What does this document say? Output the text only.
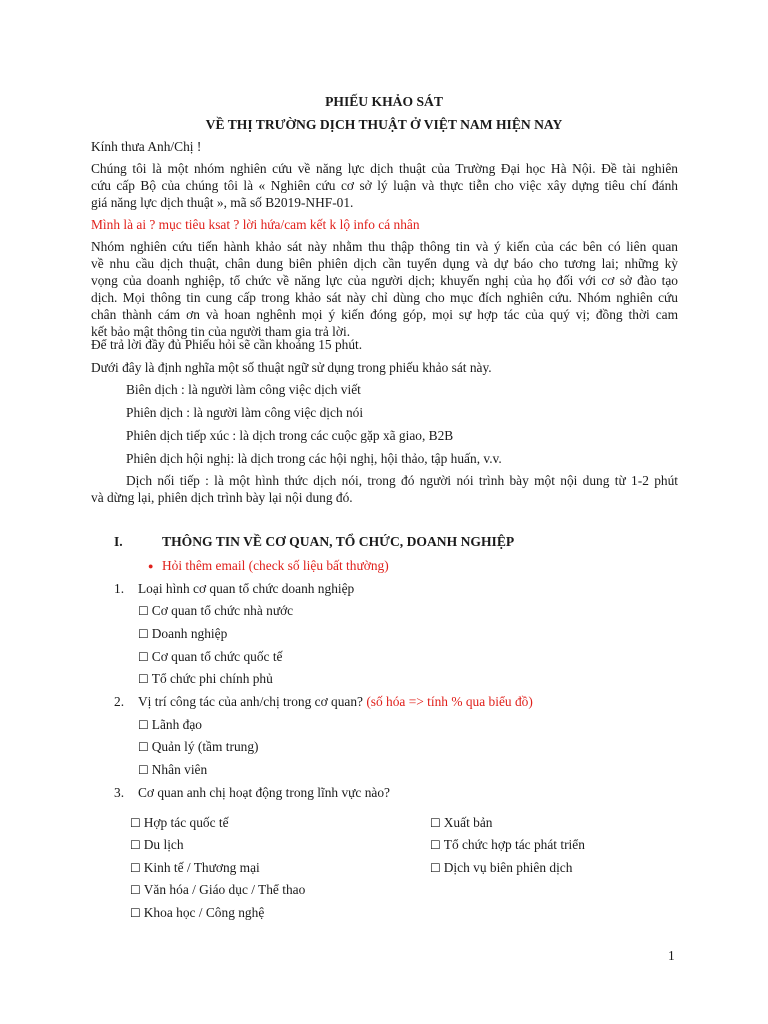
PHIẾU KHẢO SÁT
VỀ THỊ TRƯỜNG DỊCH THUẬT Ở VIỆT NAM HIỆN NAY
Kính thưa Anh/Chị !
Chúng tôi là một nhóm nghiên cứu về năng lực dịch thuật của Trường Đại học Hà Nội. Đề tài nghiên
cứu cấp Bộ của chúng tôi là « Nghiên cứu cơ sở lý luận và thực tiễn cho việc xây dựng tiêu chí đánh
giá năng lực dịch thuật », mã số B2019-NHF-01.
Mình là ai ? mục tiêu ksat ? lời hứa/cam kết k lộ info cá nhân
Nhóm nghiên cứu tiến hành khảo sát này nhằm thu thập thông tin và ý kiến của các bên có liên quan
về nhu cầu dịch thuật, chân dung biên phiên dịch cần tuyển dụng và dự báo cho tương lai; những kỳ
vọng của doanh nghiệp, tổ chức về năng lực của người dịch; khuyến nghị của họ đối với cơ sở đào tạo
dịch. Mọi thông tin cung cấp trong khảo sát này chỉ dùng cho mục đích nghiên cứu. Nhóm nghiên cứu
chân thành cám ơn và hoan nghênh mọi ý kiến đóng góp, mọi sự hợp tác của quý vị; đồng thời cam
kết bảo mật thông tin của người tham gia trả lời.
Để trả lời đầy đủ Phiếu hỏi sẽ cần khoảng 15 phút.
Dưới đây là định nghĩa một số thuật ngữ sử dụng trong phiếu khảo sát này.
Biên dịch : là người làm công việc dịch viết
Phiên dịch : là người làm công việc dịch nói
Phiên dịch tiếp xúc : là dịch trong các cuộc gặp xã giao, B2B
Phiên dịch hội nghị: là dịch trong các hội nghị, hội thảo, tập huấn, v.v.
Dịch nối tiếp : là một hình thức dịch nói, trong đó người nói trình bày một nội dung từ 1-2 phút
và dừng lại, phiên dịch trình bày lại nội dung đó.
I.	THÔNG TIN VỀ CƠ QUAN, TỔ CHỨC, DOANH NGHIỆP
● Hỏi thêm email (check số liệu bất thường)
1. Loại hình cơ quan tổ chức doanh nghiệp
☐ Cơ quan tổ chức nhà nước
☐ Doanh nghiệp
☐ Cơ quan tổ chức quốc tế
☐ Tổ chức phi chính phủ
2. Vị trí công tác của anh/chị trong cơ quan? (số hóa => tính % qua biểu đồ)
☐ Lãnh đạo
☐ Quản lý (tầm trung)
☐ Nhân viên
3. Cơ quan anh chị hoạt động trong lĩnh vực nào?
☐ Hợp tác quốc tế
☐ Du lịch
☐ Kinh tế / Thương mại
☐ Văn hóa / Giáo dục / Thể thao
☐ Khoa học / Công nghệ
☐ Xuất bản
☐ Tổ chức hợp tác phát triển
☐ Dịch vụ biên phiên dịch
1
